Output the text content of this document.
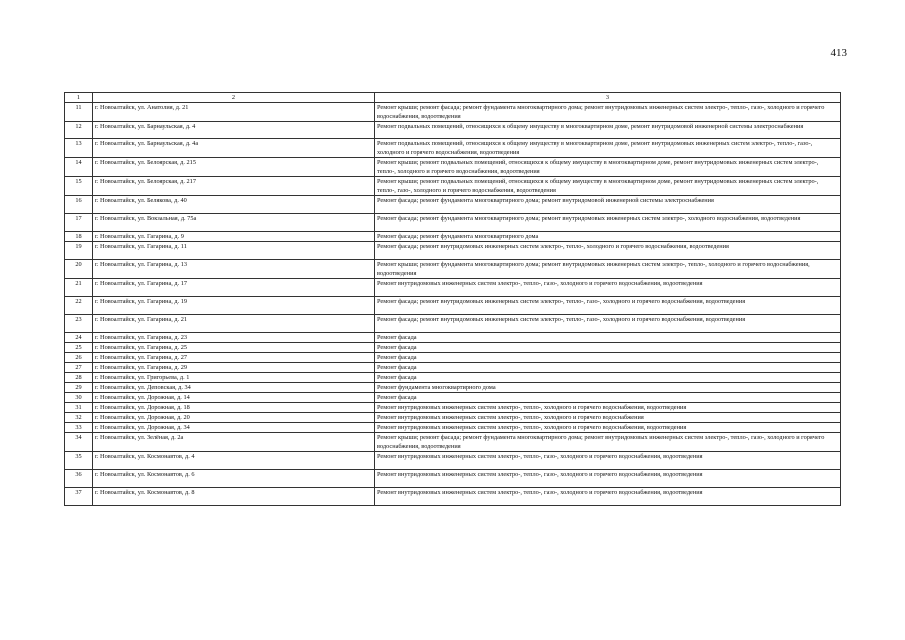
413
1	2	3
11	г. Новоалтайск, ул. Анатолия, д. 21	Ремонт крыши; ремонт фасада; ремонт фундамента многоквартирного дома; ремонт внутридомовых инженерных систем электро-, тепло-, газо-, холодного и горячего водоснабжения, водоотведения
12	г. Новоалтайск, ул. Барнаульская, д. 4	Ремонт подвальных помещений, относящихся к общему имуществу в многоквартирном доме, ремонт внутридомовой инженерной системы электроснабжения
13	г. Новоалтайск, ул. Барнаульская, д. 4а	Ремонт подвальных помещений, относящихся к общему имуществу в многоквартирном доме, ремонт внутридомовых инженерных систем электро-, тепло-, газо-, холодного и горячего водоснабжения, водоотведения
14	г. Новоалтайск, ул. Белоярская, д. 215	Ремонт крыши; ремонт подвальных помещений, относящихся к общему имуществу в многоквартирном доме, ремонт внутридомовых инженерных систем электро-, тепло-, холодного и горячего водоснабжения, водоотведения
15	г. Новоалтайск, ул. Белоярская, д. 217	Ремонт крыши; ремонт подвальных помещений, относящихся к общему имуществу в многоквартирном доме, ремонт внутридомовых инженерных систем электро-, тепло-, газо-, холодного и горячего водоснабжения, водоотведения
16	г. Новоалтайск, ул. Белякова, д. 40	Ремонт фасада; ремонт фундамента многоквартирного дома; ремонт внутридомовой инженерной системы электроснабжения
17	г. Новоалтайск, ул. Вокзальная, д. 75а	Ремонт фасада; ремонт фундамента многоквартирного дома; ремонт внутридомовых инженерных систем электро-, холодного водоснабжения, водоотведения
18	г. Новоалтайск, ул. Гагарина, д. 9	Ремонт фасада; ремонт фундамента многоквартирного дома
19	г. Новоалтайск, ул. Гагарина, д. 11	Ремонт фасада; ремонт внутридомовых инженерных систем электро-, тепло-, холодного и горячего водоснабжения, водоотведения
20	г. Новоалтайск, ул. Гагарина, д. 13	Ремонт крыши; ремонт фундамента многоквартирного дома; ремонт внутридомовых инженерных систем электро-, тепло-, холодного и горячего водоснабжения, водоотведения
21	г. Новоалтайск, ул. Гагарина, д. 17	Ремонт внутридомовых инженерных систем электро-, тепло-, газо-, холодного и горячего водоснабжения, водоотведения
22	г. Новоалтайск, ул. Гагарина, д. 19	Ремонт фасада; ремонт внутридомовых инженерных систем электро-, тепло-, газо-, холодного и горячего водоснабжения, водоотведения
23	г. Новоалтайск, ул. Гагарина, д. 21	Ремонт фасада; ремонт внутридомовых инженерных систем электро-, тепло-, газо-, холодного и горячего водоснабжения, водоотведения
24	г. Новоалтайск, ул. Гагарина, д. 23	Ремонт фасада
25	г. Новоалтайск, ул. Гагарина, д. 25	Ремонт фасада
26	г. Новоалтайск, ул. Гагарина, д. 27	Ремонт фасада
27	г. Новоалтайск, ул. Гагарина, д. 29	Ремонт фасада
28	г. Новоалтайск, ул. Григорьева, д. 1	Ремонт фасада
29	г. Новоалтайск, ул. Деповская, д. 34	Ремонт фундамента многоквартирного дома
30	г. Новоалтайск, ул. Дорожная, д. 14	Ремонт фасада
31	г. Новоалтайск, ул. Дорожная, д. 18	Ремонт внутридомовых инженерных систем электро-, тепло-, холодного и горячего водоснабжения, водоотведения
32	г. Новоалтайск, ул. Дорожная, д. 20	Ремонт внутридомовых инженерных систем электро-, тепло-, холодного и горячего водоснабжения
33	г. Новоалтайск, ул. Дорожная, д. 34	Ремонт внутридомовых инженерных систем электро-, тепло-, холодного и горячего водоснабжения, водоотведения
34	г. Новоалтайск, ул. Зелёная, д. 2а	Ремонт крыши; ремонт фасада; ремонт фундамента многоквартирного дома; ремонт внутридомовых инженерных систем электро-, тепло-, газо-, холодного и горячего водоснабжения, водоотведения
35	г. Новоалтайск, ул. Космонавтов, д. 4	Ремонт внутридомовых инженерных систем электро-, тепло-, газо-, холодного и горячего водоснабжения, водоотведения
36	г. Новоалтайск, ул. Космонавтов, д. 6	Ремонт внутридомовых инженерных систем электро-, тепло-, газо-, холодного и горячего водоснабжения, водоотведения
37	г. Новоалтайск, ул. Космонавтов, д. 8	Ремонт внутридомовых инженерных систем электро-, тепло-, газо-, холодного и горячего водоснабжения, водоотведения
